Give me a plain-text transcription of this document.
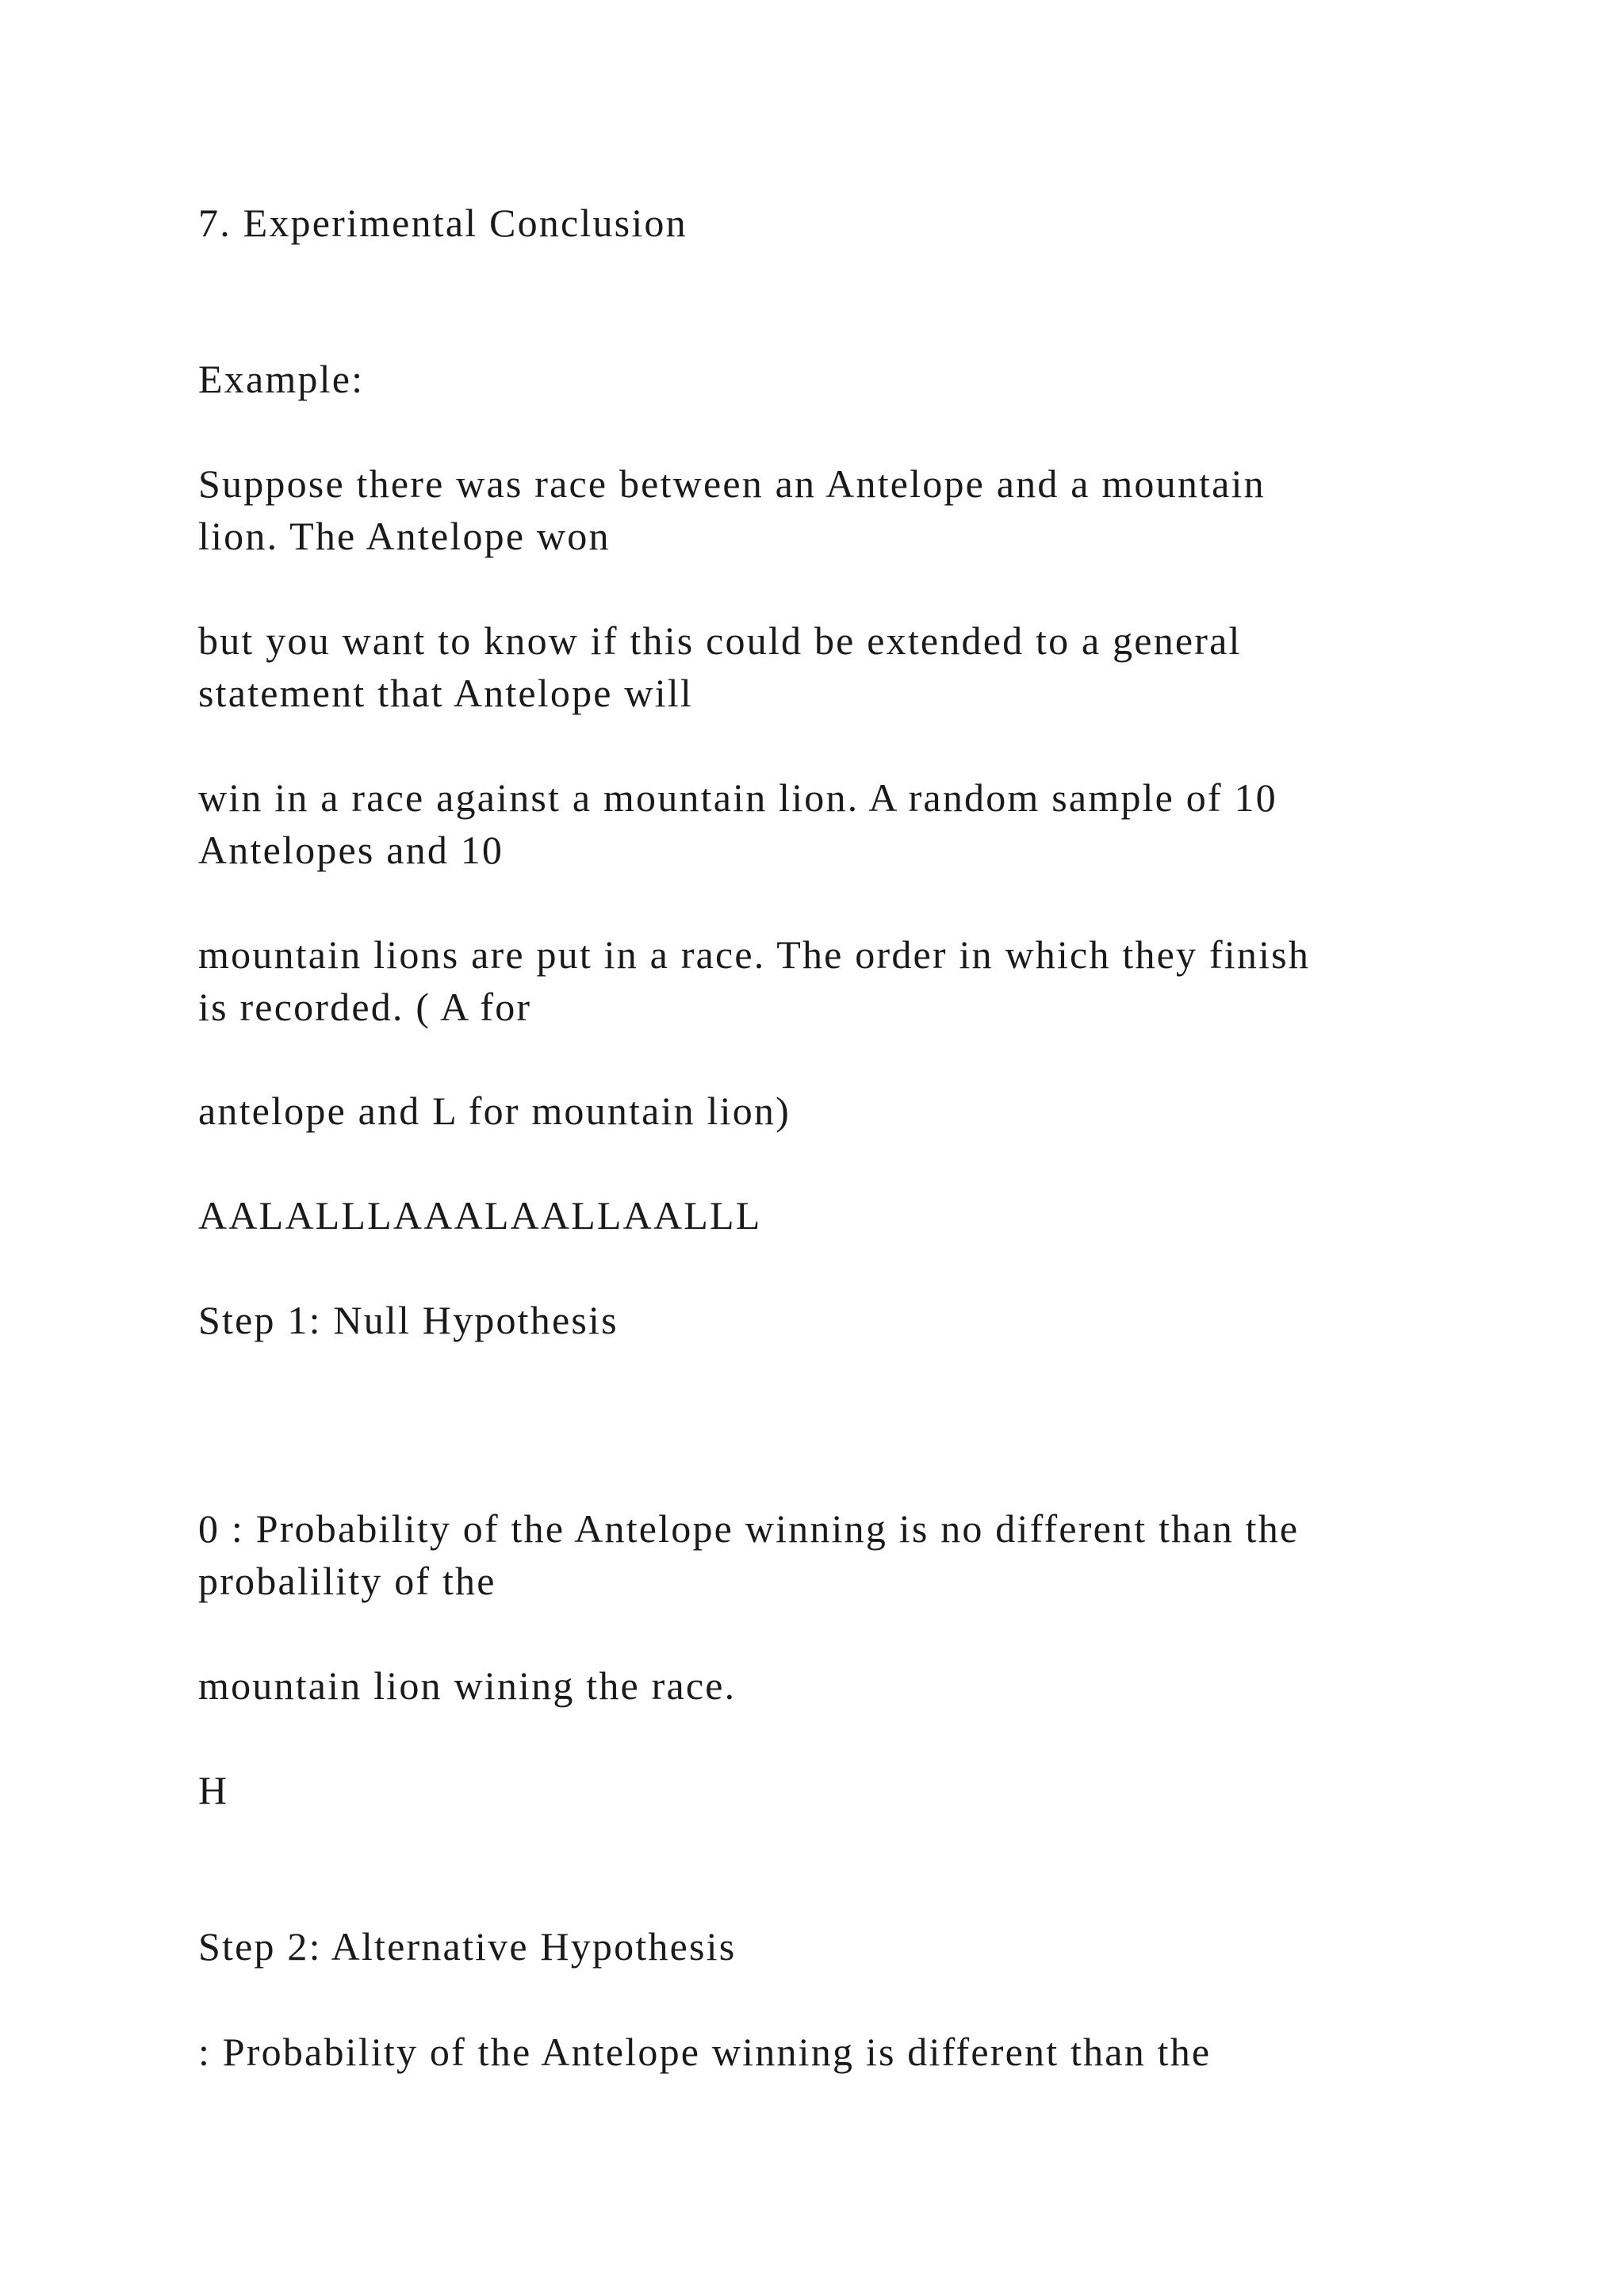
7. Experimental Conclusion

Example:

Suppose there was race between an Antelope and a mountain

lion. The Antelope won

but you want to know if this could be extended to a general

statement that Antelope will

win in a race against a mountain lion. A random sample of 10

Antelopes and 10

mountain lions are put in a race. The order in which they finish

is recorded. ( A for

antelope and L for mountain lion)

AALALLLAAALAALLAALLL

Step 1: Null Hypothesis

0 : Probability of the Antelope winning is no different than the

probalility of the

mountain lion wining the race.

H

Step 2: Alternative Hypothesis

: Probability of the Antelope winning is different than the
